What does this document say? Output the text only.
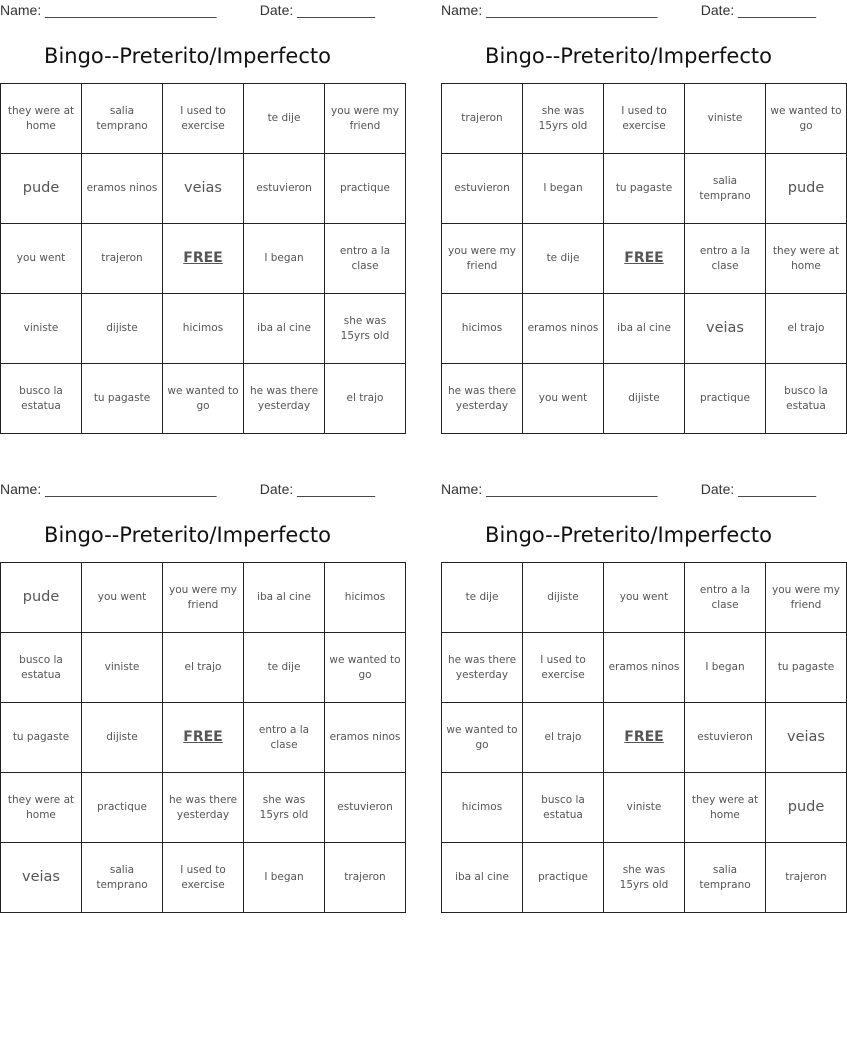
Name: ______________________	Date: __________
Bingo--Preterito/Imperfecto
they were at home	salia temprano	I used to exercise	te dije	you were my friend
pude	eramos ninos	veias	estuvieron	practique
you went	trajeron	FREE	I began	entro a la clase
viniste	dijiste	hicimos	iba al cine	she was 15yrs old
busco la estatua	tu pagaste	we wanted to go	he was there yesterday	el trajo
Name: ______________________	Date: __________
Bingo--Preterito/Imperfecto
trajeron	she was 15yrs old	I used to exercise	viniste	we wanted to go
estuvieron	I began	tu pagaste	salia temprano	pude
you were my friend	te dije	FREE	entro a la clase	they were at home
hicimos	eramos ninos	iba al cine	veias	el trajo
he was there yesterday	you went	dijiste	practique	busco la estatua
Name: ______________________	Date: __________
Bingo--Preterito/Imperfecto
pude	you went	you were my friend	iba al cine	hicimos
busco la estatua	viniste	el trajo	te dije	we wanted to go
tu pagaste	dijiste	FREE	entro a la clase	eramos ninos
they were at home	practique	he was there yesterday	she was 15yrs old	estuvieron
veias	salia temprano	I used to exercise	I began	trajeron
Name: ______________________	Date: __________
Bingo--Preterito/Imperfecto
te dije	dijiste	you went	entro a la clase	you were my friend
he was there yesterday	I used to exercise	eramos ninos	I began	tu pagaste
we wanted to go	el trajo	FREE	estuvieron	veias
hicimos	busco la estatua	viniste	they were at home	pude
iba al cine	practique	she was 15yrs old	salia temprano	trajeron
